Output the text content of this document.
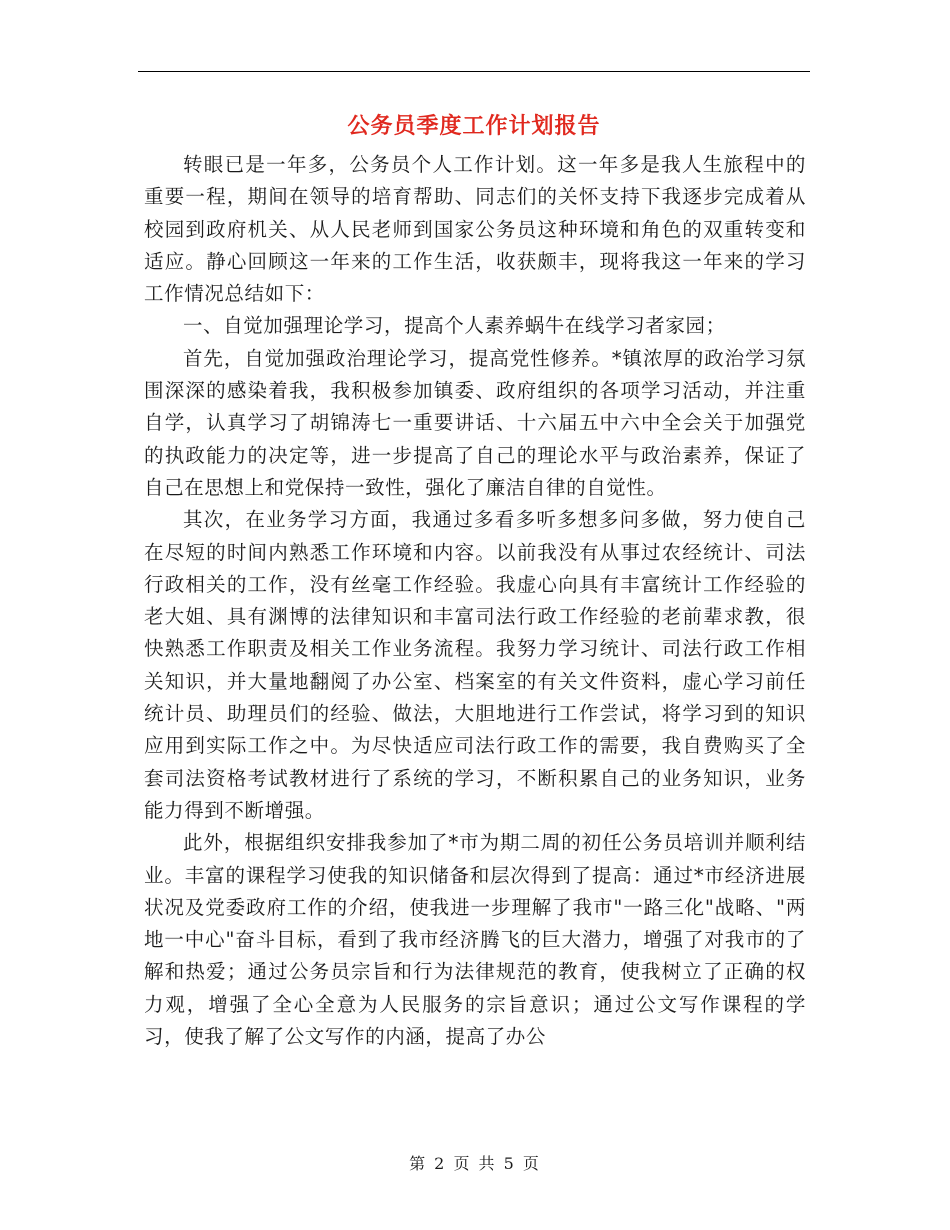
公务员季度工作计划报告

转眼已是一年多，公务员个人工作计划。这一年多是我人生旅程中的重要一程，期间在领导的培育帮助、同志们的关怀支持下我逐步完成着从校园到政府机关、从人民老师到国家公务员这种环境和角色的双重转变和适应。静心回顾这一年来的工作生活，收获颇丰，现将我这一年来的学习工作情况总结如下：

一、自觉加强理论学习，提高个人素养蜗牛在线学习者家园；

首先，自觉加强政治理论学习，提高党性修养。*镇浓厚的政治学习氛围深深的感染着我，我积极参加镇委、政府组织的各项学习活动，并注重自学，认真学习了胡锦涛七一重要讲话、十六届五中六中全会关于加强党的执政能力的决定等，进一步提高了自己的理论水平与政治素养，保证了自己在思想上和党保持一致性，强化了廉洁自律的自觉性。

其次，在业务学习方面，我通过多看多听多想多问多做，努力使自己在尽短的时间内熟悉工作环境和内容。以前我没有从事过农经统计、司法行政相关的工作，没有丝毫工作经验。我虚心向具有丰富统计工作经验的老大姐、具有渊博的法律知识和丰富司法行政工作经验的老前辈求教，很快熟悉工作职责及相关工作业务流程。我努力学习统计、司法行政工作相关知识，并大量地翻阅了办公室、档案室的有关文件资料，虚心学习前任统计员、助理员们的经验、做法，大胆地进行工作尝试，将学习到的知识应用到实际工作之中。为尽快适应司法行政工作的需要，我自费购买了全套司法资格考试教材进行了系统的学习，不断积累自己的业务知识，业务能力得到不断增强。

此外，根据组织安排我参加了*市为期二周的初任公务员培训并顺利结业。丰富的课程学习使我的知识储备和层次得到了提高：通过*市经济进展状况及党委政府工作的介绍，使我进一步理解了我市"一路三化"战略、"两地一中心"奋斗目标，看到了我市经济腾飞的巨大潜力，增强了对我市的了解和热爱；通过公务员宗旨和行为法律规范的教育，使我树立了正确的权力观，增强了全心全意为人民服务的宗旨意识；通过公文写作课程的学习，使我了解了公文写作的内涵，提高了办公

第 2 页 共 5 页
